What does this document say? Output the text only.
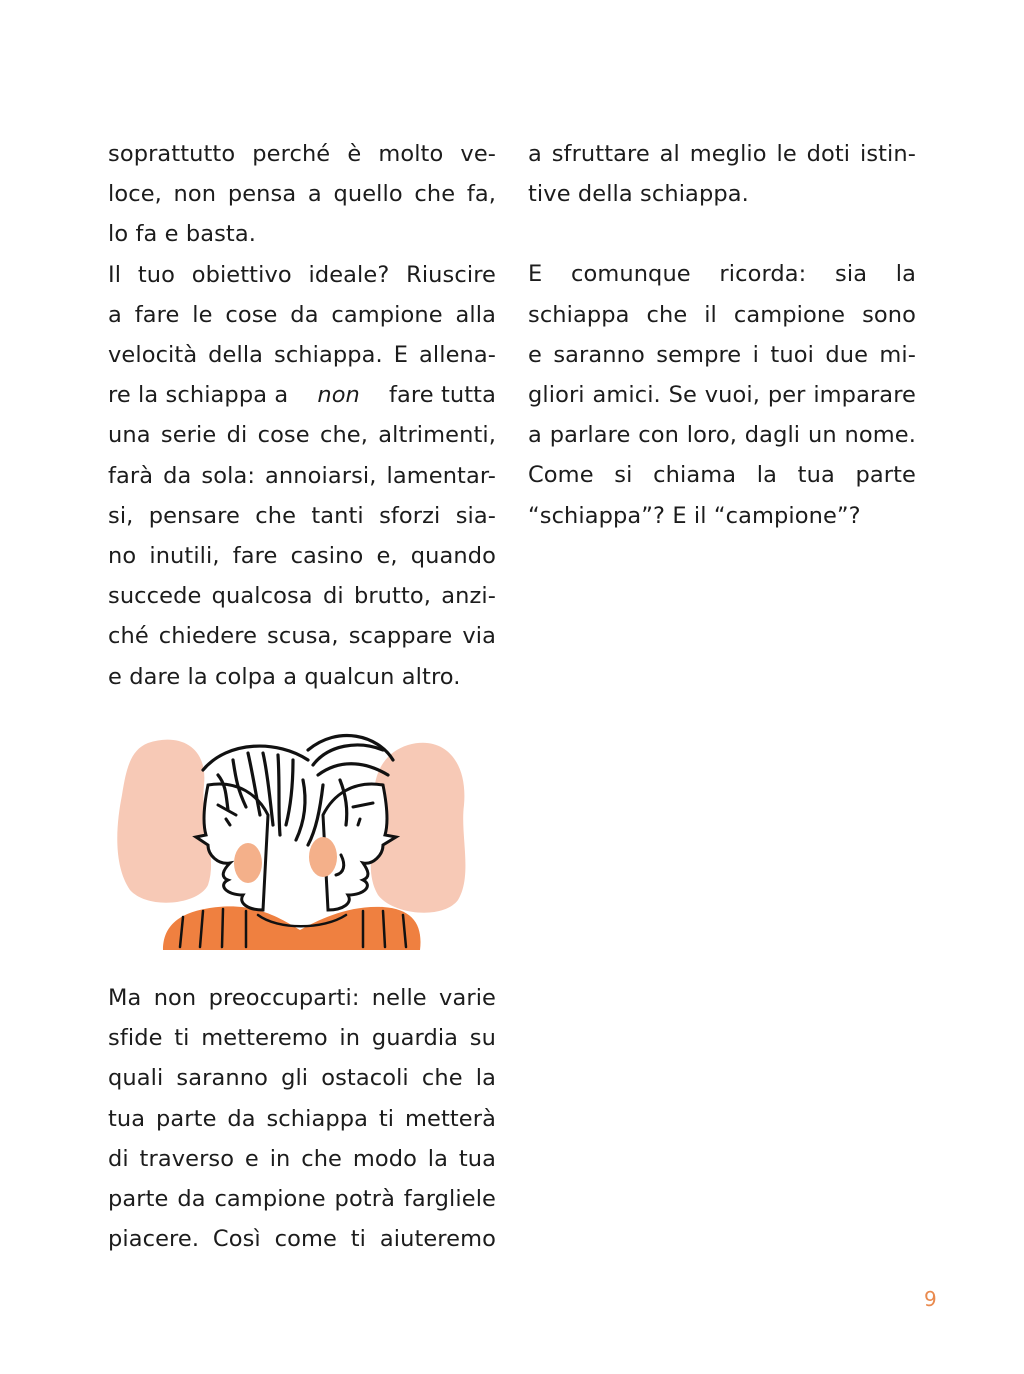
soprattutto perché è molto ve-
loce, non pensa a quello che fa,
lo fa e basta.

Il tuo obiettivo ideale? Riuscire
a fare le cose da campione alla
velocità della schiappa. E allena-
re la schiappa a non fare tutta
una serie di cose che, altrimenti,
farà da sola: annoiarsi, lamentar-
si, pensare che tanti sforzi sia-
no inutili, fare casino e, quando
succede qualcosa di brutto, anzi-
ché chiedere scusa, scappare via
e dare la colpa a qualcun altro.

Ma non preoccuparti: nelle varie
sfide ti metteremo in guardia su
quali saranno gli ostacoli che la
tua parte da schiappa ti metterà
di traverso e in che modo la tua
parte da campione potrà fargliele
piacere. Così come ti aiuteremo

a sfruttare al meglio le doti istin-
tive della schiappa.

E comunque ricorda: sia la
schiappa che il campione sono
e saranno sempre i tuoi due mi-
gliori amici. Se vuoi, per imparare
a parlare con loro, dagli un nome.
Come si chiama la tua parte
“schiappa”? E il “campione”?

9
